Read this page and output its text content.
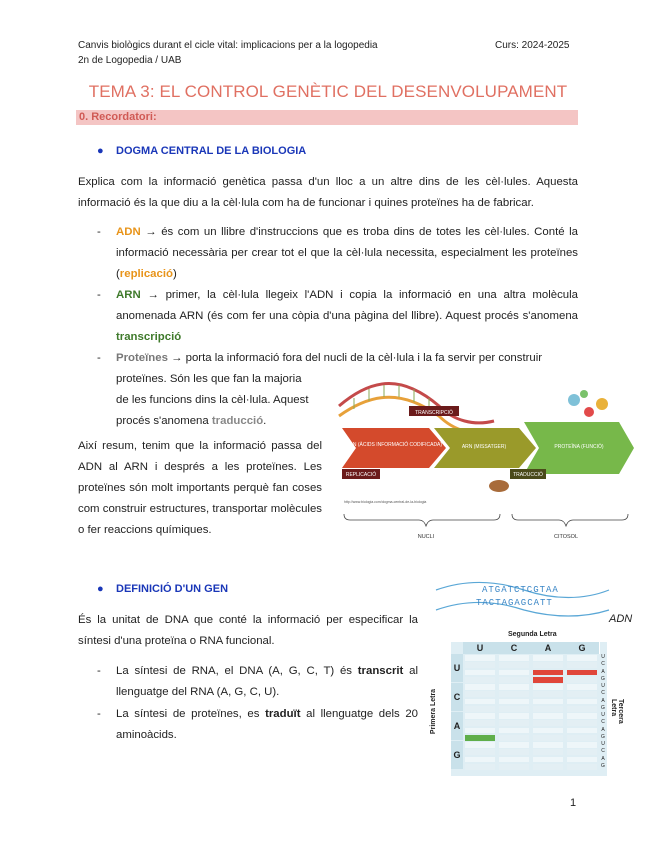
Canvis biològics durant el cicle vital: implicacions per a la logopedia
2n de Logopedia / UAB
Curs: 2024-2025
TEMA 3: EL CONTROL GENÈTIC DEL DESENVOLUPAMENT
0. Recordatori:
● DOGMA CENTRAL DE LA BIOLOGIA
Explica com la informació genètica passa d'un lloc a un altre dins de les cèl·lules. Aquesta informació és la que diu a la cèl·lula com ha de funcionar i quines proteïnes ha de fabricar.
- ADN → és com un llibre d'instruccions que es troba dins de totes les cèl·lules. Conté la informació necessària per crear tot el que la cèl·lula necessita, especialment les proteïnes (replicació)
- ARN → primer, la cèl·lula llegeix l'ADN i copia la informació en una altra molècula anomenada ARN (és com fer una còpia d'una pàgina del llibre). Aquest procés s'anomena transcripció
- Proteïnes → porta la informació fora del nucli de la cèl·lula i la fa servir per construir
proteïnes. Són les que fan la majoria
de les funcions dins la cèl·lula. Aquest
procés s'anomena traducció.
Així resum, tenim que la informació passa del ADN al ARN i després a les proteïnes. Les proteïnes són molt importants perquè fan coses com construir estructures, transportar molècules o fer reaccions químiques.
TRANSCRIPCIÓ
REPLICACIÓ	TRADUCCIÓ
ADN (ÀCIDS INFORMACIÓ CODIFICADA)	ARN (MISSATGER)	PROTEÏNA (FUNCIÓ)
http://www.biologia.com/dogma-central-de-la-biologia
NUCLI	CITOSOL
● DEFINICIÓ D'UN GEN
És la unitat de DNA que conté la informació per especificar la síntesi d'una proteïna o RNA funcional.
- La síntesi de RNA, el DNA (A, G, C, T) és transcrit al llenguatge del RNA (A, G, C, U).
- La síntesi de proteïnes, es traduït al llenguatge dels 20 aminoàcids.
ATGATCTCGTAA
TACTAGAGCATT
ADN
Segunda Letra
Primera Letra	Tercera Letra
U	C	A	G
U
C
A
G
U
C
A
G
U
C
A
G
U
C
A
G
U
C
A
G
1
